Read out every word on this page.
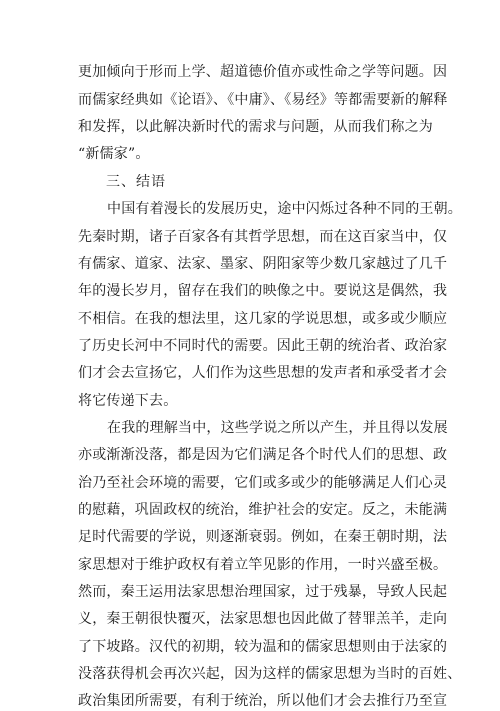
更加倾向于形而上学、超道德价值亦或性命之学等问题。因
而儒家经典如《论语》、《中庸》、《易经》等都需要新的解释
和发挥，以此解决新时代的需求与问题，从而我们称之为
“新儒家”。
三、结语
中国有着漫长的发展历史，途中闪烁过各种不同的王朝。
先秦时期，诸子百家各有其哲学思想，而在这百家当中，仅
有儒家、道家、法家、墨家、阴阳家等少数几家越过了几千
年的漫长岁月，留存在我们的映像之中。要说这是偶然，我
不相信。在我的想法里，这几家的学说思想，或多或少顺应
了历史长河中不同时代的需要。因此王朝的统治者、政治家
们才会去宣扬它，人们作为这些思想的发声者和承受者才会
将它传递下去。
在我的理解当中，这些学说之所以产生，并且得以发展
亦或渐渐没落，都是因为它们满足各个时代人们的思想、政
治乃至社会环境的需要，它们或多或少的能够满足人们心灵
的慰藉，巩固政权的统治，维护社会的安定。反之，未能满
足时代需要的学说，则逐渐衰弱。例如，在秦王朝时期，法
家思想对于维护政权有着立竿见影的作用，一时兴盛至极。
然而，秦王运用法家思想治理国家，过于残暴，导致人民起
义，秦王朝很快覆灭，法家思想也因此做了替罪羔羊，走向
了下坡路。汉代的初期，较为温和的儒家思想则由于法家的
没落获得机会再次兴起，因为这样的儒家思想为当时的百姓、
政治集团所需要，有利于统治，所以他们才会去推行乃至宣
